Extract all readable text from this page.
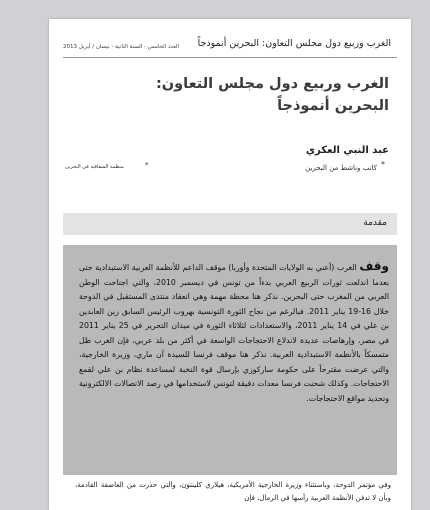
الغرب وربيع دول مجلس التعاون: البحرين أنموذجاً
العدد الخامس - السنة الثانية - نيسان / أبريل 2013
الغرب وربيع دول مجلس التعاون:
البحرين أنموذجاً
عبد النبي العكري
*
كاتب وناشط من البحرين
*
منظمة الشفافية في البحرين
مقدمة

وقف الغرب (أعني به الولايات المتحدة وأوربا) موقف الداعم للأنظمة العربية الاستبدادية حتى بعدما اندلعت ثورات الربيع العربي بدءاً من تونس في ديسمبر 2010، والتي اجتاحت الوطن العربي من المغرب حتى البحرين. نذكر هنا محطة مهمة وهي انعقاد منتدى المستقبل في الدوحة خلال 16-19 يناير 2011. فبالرغم من نجاح الثورة التونسية بهروب الرئيس السابق زين العابدين بن علي في 14 يناير 2011، والاستعدادات لثلاثاء الثورة في ميدان التحرير في 25 يناير 2011 في مصر، وإرهاصات عديدة لاندلاع الاحتجاجات الواسعة في أكثر من بلد عربي، فإن الغرب ظل متمسكاً بالأنظمة الاستبدادية العربية. نذكر هنا موقف فرنسا للسيدة آن ماري، وزيرة الخارجية، والتي عرضت مقترحاً على حكومة ساركوزي بإرسال قوة النخبة لمساعدة نظام بن علي لقمع الاحتجاجات. وكذلك شحنت فرنسا معدات دقيقة لتونس لاستخدامها في رصد الاتصالات الالكترونية وتحديد مواقع الاحتجاجات.

وفي مؤتمر الدوحة، وباستثناء وزيرة الخارجية الأمريكية، هيلاري كلينتون، والتي حذرت من العاصفة القادمة، وبأن لا تدفن الأنظمة العربية رأسها في الرمال، فإن
